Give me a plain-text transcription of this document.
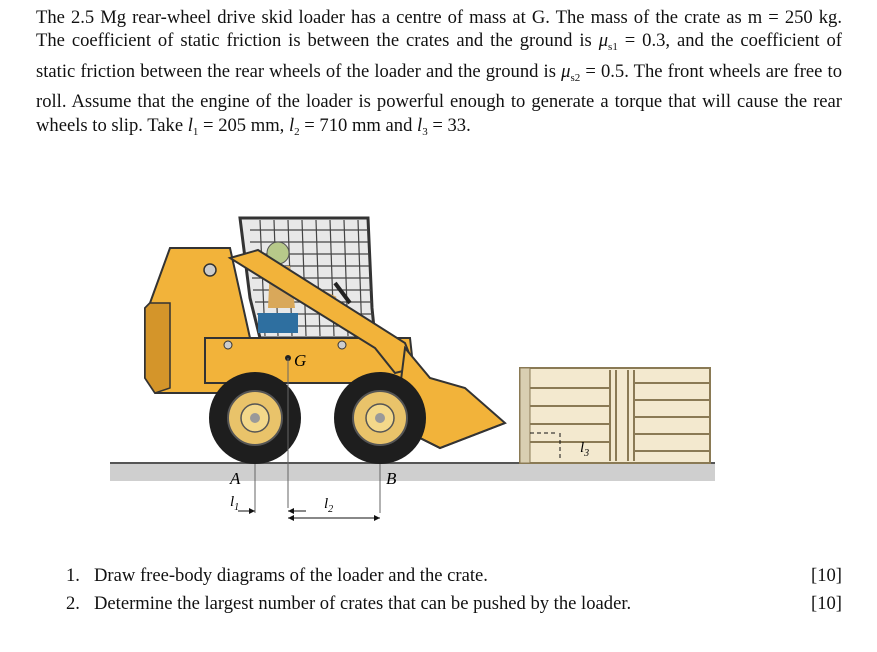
The 2.5 Mg rear-wheel drive skid loader has a centre of mass at G. The mass of the crate as m = 250 kg. The coefficient of static friction is between the crates and the ground is $\mu_{s1} = 0.3$, and the coefficient of static friction between the rear wheels of the loader and the ground is $\mu_{s2} = 0.5$. The front wheels are free to roll. Assume that the engine of the loader is powerful enough to generate a torque that will cause the rear wheels to slip. Take $l_1 = 205$ mm, $l_2 = 710$ mm and $l_3 = 33$.
$l_3$
G
A	B
$l_1$	$l_2$
1. Draw free-body diagrams of the loader and the crate.	[10]
2. Determine the largest number of crates that can be pushed by the loader.	[10]
